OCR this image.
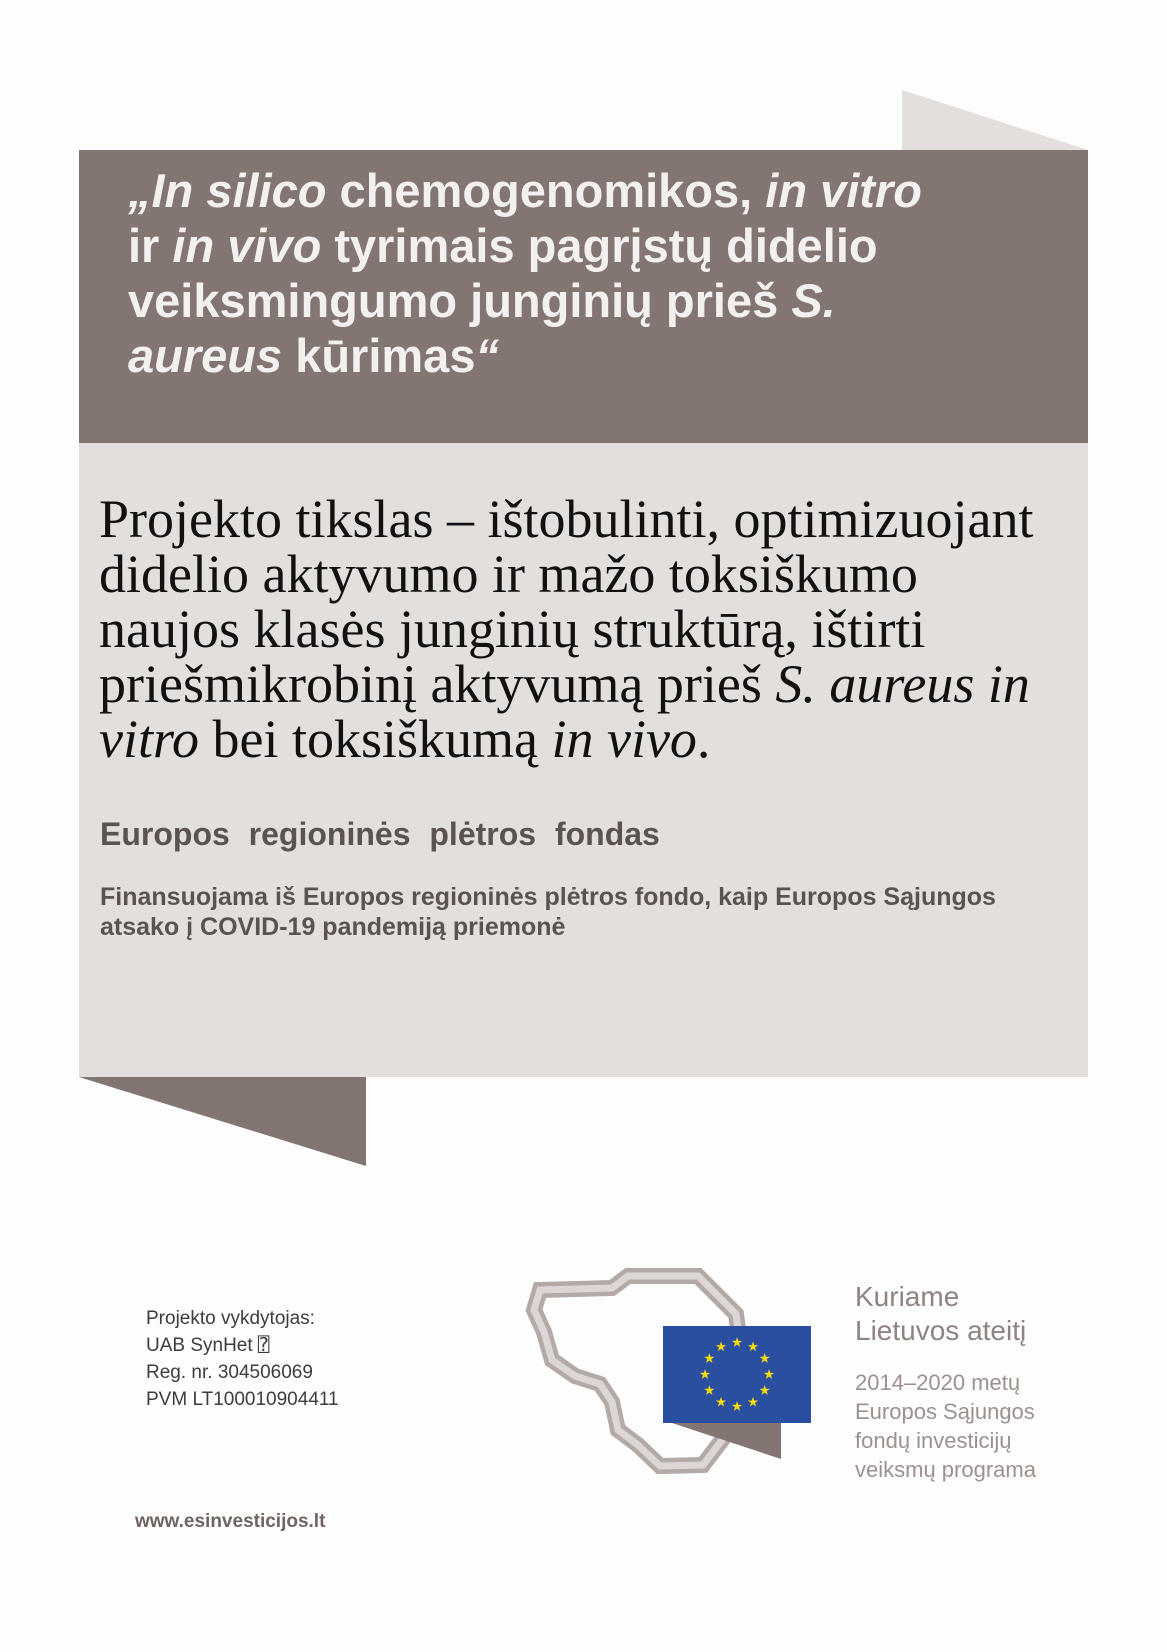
„In silico chemogenomikos, in vitro
ir in vivo tyrimais pagrįstų didelio
veiksmingumo junginių prieš S.
aureus kūrimas“
Projekto tikslas – ištobulinti, optimizuojant
didelio aktyvumo ir mažo toksiškumo
naujos klasės junginių struktūrą, ištirti
priešmikrobinį aktyvumą prieš S. aureus in
vitro bei toksiškumą in vivo.
Europos regioninės plėtros fondas
Finansuojama iš Europos regioninės plėtros fondo, kaip Europos Sąjungos
atsako į COVID-19 pandemiją priemonė
Projekto vykdytojas:
UAB SynHet ⍰
Reg. nr. 304506069
PVM LT100010904411
www.esinvesticijos.lt
Kuriame
Lietuvos ateitį
2014–2020 metų
Europos Sąjungos
fondų investicijų
veiksmų programa
